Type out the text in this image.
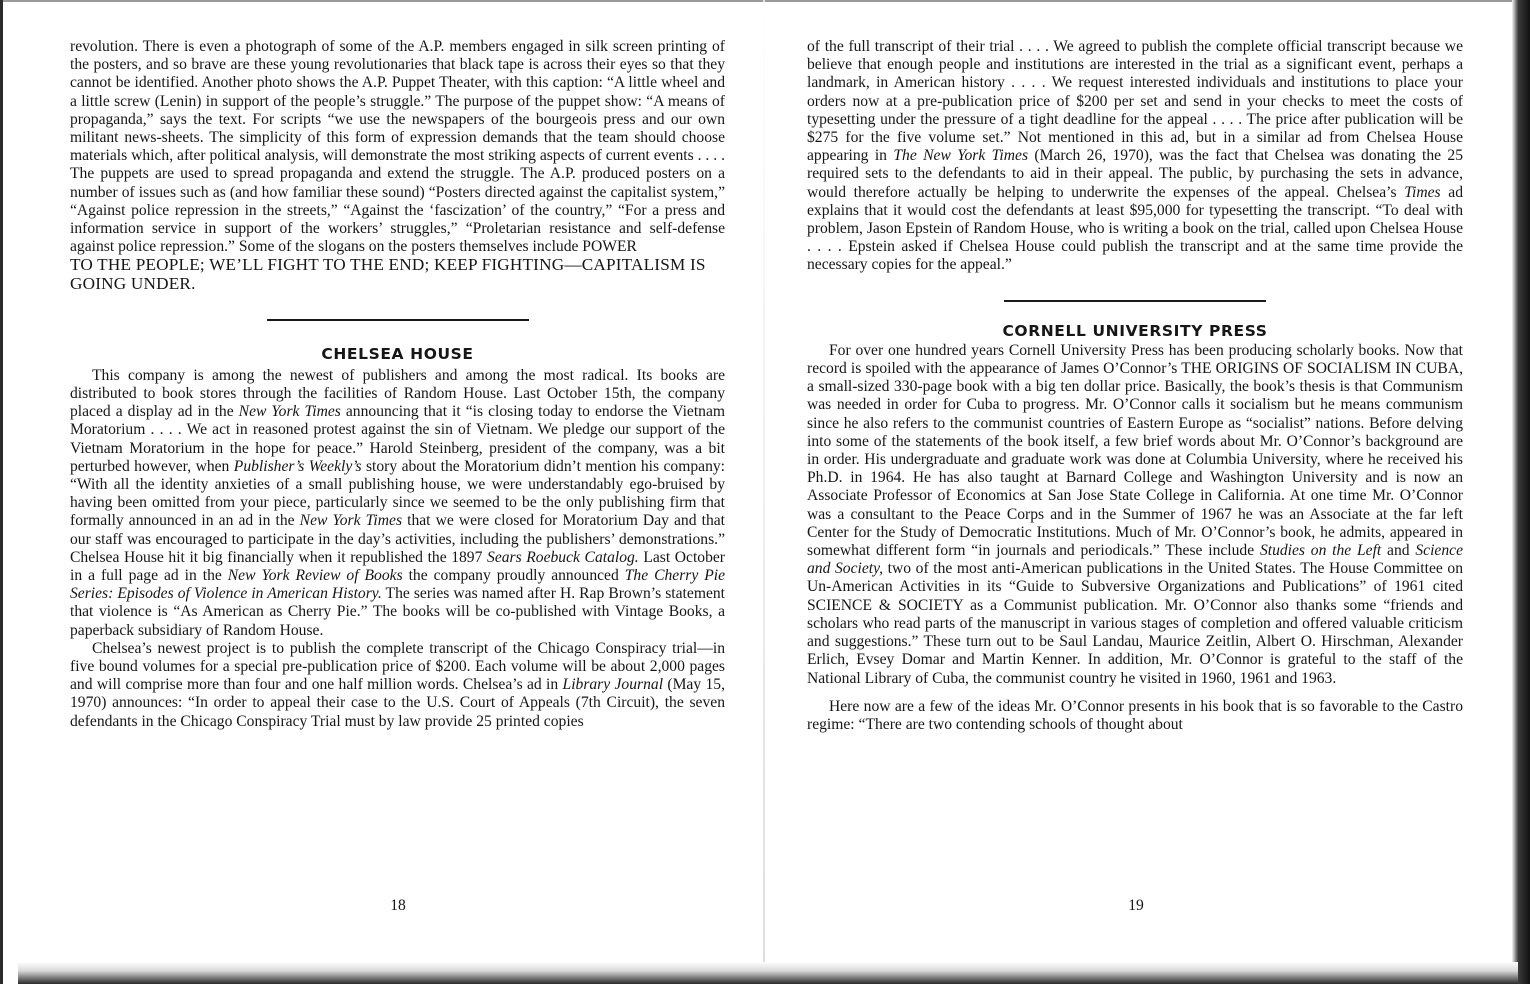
revolution. There is even a photograph of some of the A.P. members engaged in silk screen printing of the posters, and so brave are these young revolutionaries that black tape is across their eyes so that they cannot be identified. Another photo shows the A.P. Puppet Theater, with this caption: “A little wheel and a little screw (Lenin) in support of the people’s struggle.” The purpose of the puppet show: “A means of propaganda,” says the text. For scripts “we use the newspapers of the bourgeois press and our own militant news-sheets. The simplicity of this form of expression demands that the team should choose materials which, after political analysis, will demonstrate the most striking aspects of current events . . . . The puppets are used to spread propaganda and extend the struggle. The A.P. produced posters on a number of issues such as (and how familiar these sound) “Posters directed against the capitalist system,” “Against police repression in the streets,” “Against the ‘fascization’ of the country,” “For a press and information service in support of the workers’ struggles,” “Proletarian resistance and self-defense against police repression.” Some of the slogans on the posters themselves include POWER

TO THE PEOPLE; WE’LL FIGHT TO THE END; KEEP FIGHTING—CAPITALISM IS GOING UNDER.

CHELSEA HOUSE

This company is among the newest of publishers and among the most radical. Its books are distributed to book stores through the facilities of Random House. Last October 15th, the company placed a display ad in the New York Times announcing that it “is closing today to endorse the Vietnam Moratorium . . . . We act in reasoned protest against the sin of Vietnam. We pledge our support of the Vietnam Moratorium in the hope for peace.” Harold Steinberg, president of the company, was a bit perturbed however, when Publisher’s Weekly’s story about the Moratorium didn’t mention his company: “With all the identity anxieties of a small publishing house, we were understandably ego-bruised by having been omitted from your piece, particularly since we seemed to be the only publishing firm that formally announced in an ad in the New York Times that we were closed for Moratorium Day and that our staff was encouraged to participate in the day’s activities, including the publishers’ demonstrations.” Chelsea House hit it big financially when it republished the 1897 Sears Roebuck Catalog. Last October in a full page ad in the New York Review of Books the company proudly announced The Cherry Pie Series: Episodes of Violence in American History. The series was named after H. Rap Brown’s statement that violence is “As American as Cherry Pie.” The books will be co-published with Vintage Books, a paperback subsidiary of Random House.

Chelsea’s newest project is to publish the complete transcript of the Chicago Conspiracy trial—in five bound volumes for a special pre-publication price of $200. Each volume will be about 2,000 pages and will comprise more than four and one half million words. Chelsea’s ad in Library Journal (May 15, 1970) announces: “In order to appeal their case to the U.S. Court of Appeals (7th Circuit), the seven defendants in the Chicago Conspiracy Trial must by law provide 25 printed copies

18

of the full transcript of their trial . . . . We agreed to publish the complete official transcript because we believe that enough people and institutions are interested in the trial as a significant event, perhaps a landmark, in American history . . . . We request interested individuals and institutions to place your orders now at a pre-publication price of $200 per set and send in your checks to meet the costs of typesetting under the pressure of a tight deadline for the appeal . . . . The price after publication will be $275 for the five volume set.” Not mentioned in this ad, but in a similar ad from Chelsea House appearing in The New York Times (March 26, 1970), was the fact that Chelsea was donating the 25 required sets to the defendants to aid in their appeal. The public, by purchasing the sets in advance, would therefore actually be helping to underwrite the expenses of the appeal. Chelsea’s Times ad explains that it would cost the defendants at least $95,000 for typesetting the transcript. “To deal with problem, Jason Epstein of Random House, who is writing a book on the trial, called upon Chelsea House . . . . Epstein asked if Chelsea House could publish the transcript and at the same time provide the necessary copies for the appeal.”

CORNELL UNIVERSITY PRESS

For over one hundred years Cornell University Press has been producing scholarly books. Now that record is spoiled with the appearance of James O’Connor’s THE ORIGINS OF SOCIALISM IN CUBA, a small-sized 330-page book with a big ten dollar price. Basically, the book’s thesis is that Communism was needed in order for Cuba to progress. Mr. O’Connor calls it socialism but he means communism since he also refers to the communist countries of Eastern Europe as “socialist” nations. Before delving into some of the statements of the book itself, a few brief words about Mr. O’Connor’s background are in order. His undergraduate and graduate work was done at Columbia University, where he received his Ph.D. in 1964. He has also taught at Barnard College and Washington University and is now an Associate Professor of Economics at San Jose State College in California. At one time Mr. O’Connor was a consultant to the Peace Corps and in the Summer of 1967 he was an Associate at the far left Center for the Study of Democratic Institutions. Much of Mr. O’Connor’s book, he admits, appeared in somewhat different form “in journals and periodicals.” These include Studies on the Left and Science and Society, two of the most anti-American publications in the United States. The House Committee on Un-American Activities in its “Guide to Subversive Organizations and Publications” of 1961 cited SCIENCE & SOCIETY as a Communist publication. Mr. O’Connor also thanks some “friends and scholars who read parts of the manuscript in various stages of completion and offered valuable criticism and suggestions.” These turn out to be Saul Landau, Maurice Zeitlin, Albert O. Hirschman, Alexander Erlich, Evsey Domar and Martin Kenner. In addition, Mr. O’Connor is grateful to the staff of the National Library of Cuba, the communist country he visited in 1960, 1961 and 1963.

Here now are a few of the ideas Mr. O’Connor presents in his book that is so favorable to the Castro regime: “There are two contending schools of thought about

19
